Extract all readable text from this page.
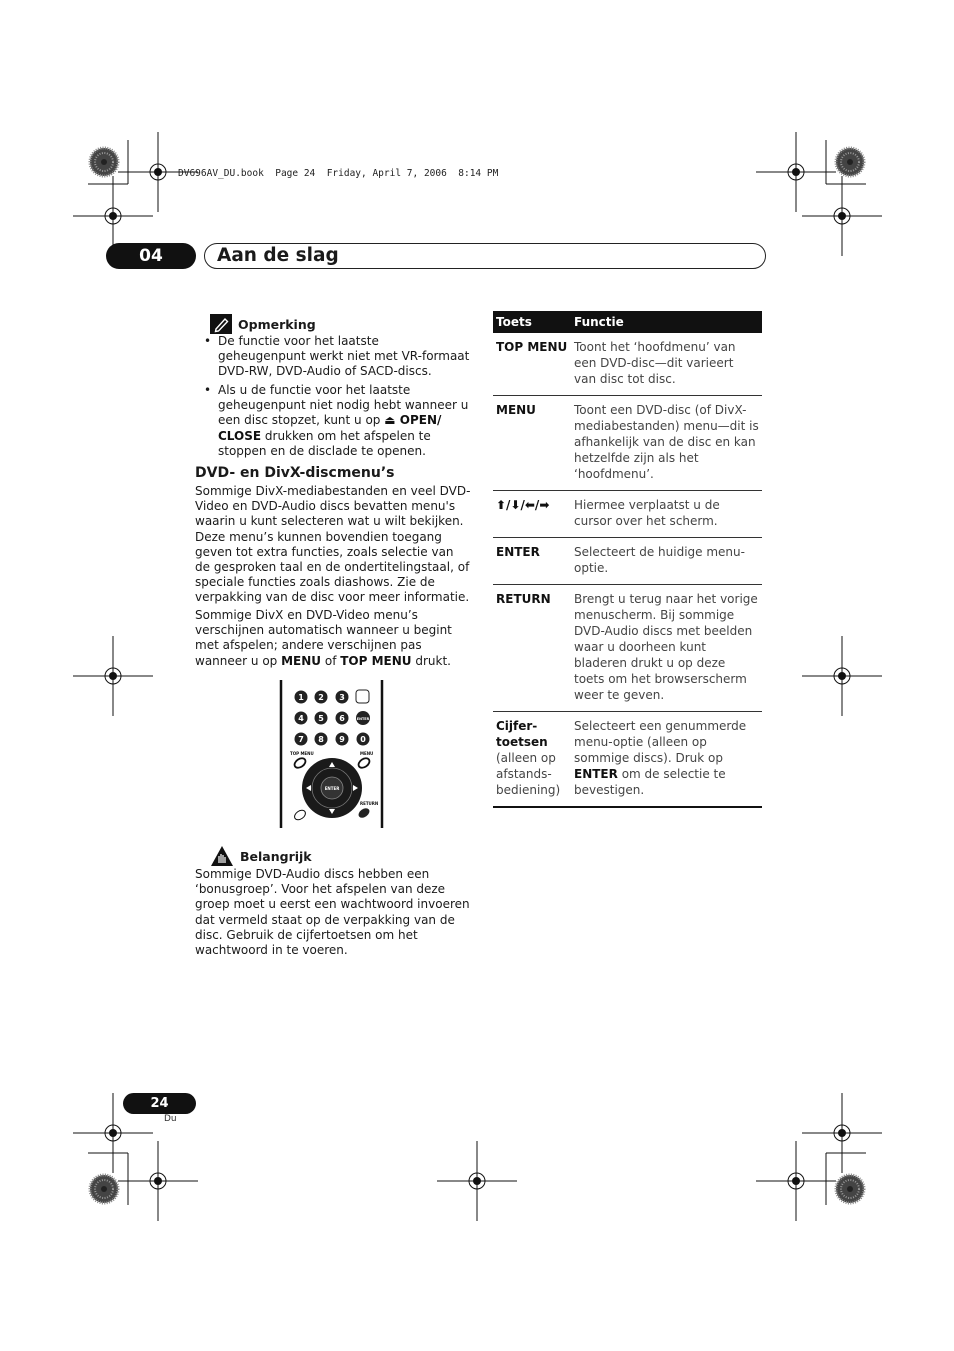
DV696AV_DU.book  Page 24  Friday, April 7, 2006  8:14 PM
04	Aan de slag
Opmerking
• De functie voor het laatste geheugenpunt werkt niet met VR-formaat DVD-RW, DVD-Audio of SACD-discs.
• Als u de functie voor het laatste geheugenpunt niet nodig hebt wanneer u een disc stopzet, kunt u op ⏏ OPEN/ CLOSE drukken om het afspelen te stoppen en de disclade te openen.
DVD- en DivX-discmenu’s
Sommige DivX-mediabestanden en veel DVD-Video en DVD-Audio discs bevatten menu's waarin u kunt selecteren wat u wilt bekijken. Deze menu’s kunnen bovendien toegang geven tot extra functies, zoals selectie van de gesproken taal en de ondertitelingstaal, of speciale functies zoals diashows. Zie de verpakking van de disc voor meer informatie.
Sommige DivX en DVD-Video menu’s verschijnen automatisch wanneer u begint met afspelen; andere verschijnen pas wanneer u op MENU of TOP MENU drukt.
1 2 3
4 5 6	ENTER
7 8 9 0
TOP MENU	MENU
RETURN
ENTER
Belangrijk
Sommige DVD-Audio discs hebben een ‘bonusgroep’. Voor het afspelen van deze groep moet u eerst een wachtwoord invoeren dat vermeld staat op de verpakking van de disc. Gebruik de cijfertoetsen om het wachtwoord in te voeren.
Toets	Functie
TOP MENU	Toont het ‘hoofdmenu’ van een DVD-disc—dit varieert van disc tot disc.
MENU	Toont een DVD-disc (of DivX-mediabestanden) menu—dit is afhankelijk van de disc en kan hetzelfde zijn als het ‘hoofdmenu’.
⬆/⬇/⬅/➡	Hiermee verplaatst u de cursor over het scherm.
ENTER	Selecteert de huidige menu-optie.
RETURN	Brengt u terug naar het vorige menuscherm. Bij sommige DVD-Audio discs met beelden waar u doorheen kunt bladeren drukt u op deze toets om het browserscherm weer te geven.
Cijfer-toetsen
(alleen op afstands-bediening)	Selecteert een genummerde menu-optie (alleen op sommige discs). Druk op ENTER om de selectie te bevestigen.
24
Du
